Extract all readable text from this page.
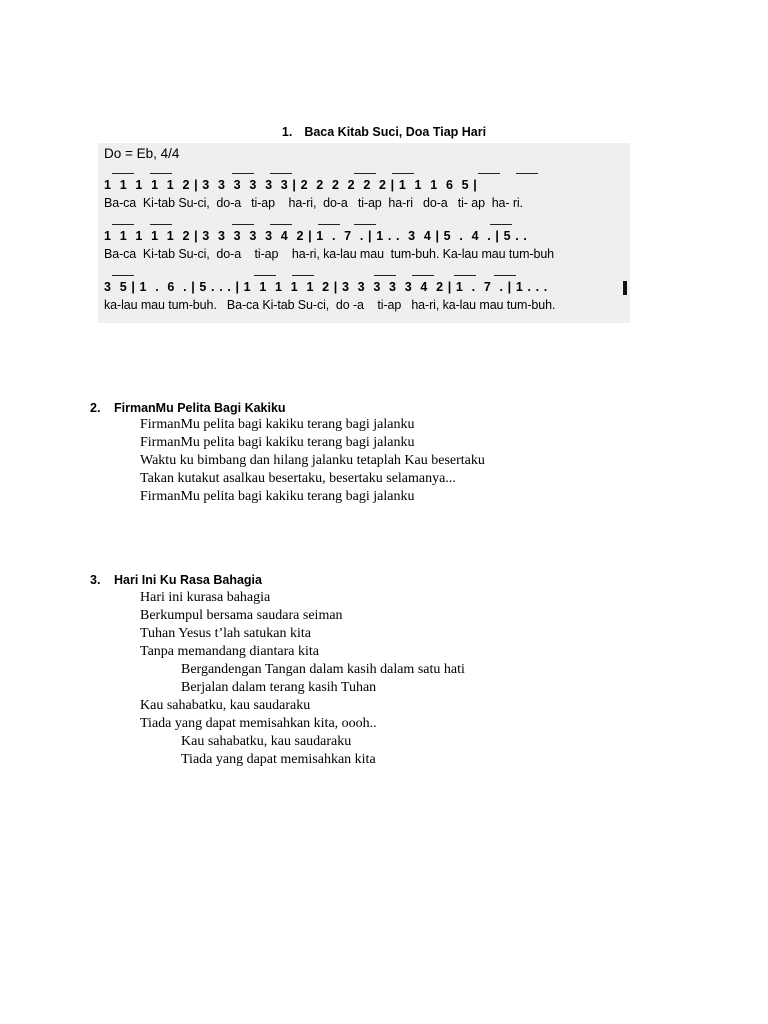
1. Baca Kitab Suci, Doa Tiap Hari
Do = Eb, 4/4
1  1  1  1  1  2 | 3  3  3  3  3  3 | 2  2  2  2  2  2 | 1  1  1  6  5 |
Ba-ca  Ki-tab Su-ci,  do-a   ti-ap    ha-ri,  do-a   ti-ap  ha-ri   do-a   ti- ap  ha- ri.
1  1  1  1  1  2 | 3  3  3  3  3  4  2 | 1  .  7  . | 1 . .  3  4 | 5  .  4  . | 5 . .
Ba-ca  Ki-tab Su-ci,  do-a    ti-ap    ha-ri, ka-lau mau  tum-buh. Ka-lau mau tum-buh
3  5 | 1  .  6  . | 5 . . . | 1  1  1  1  1  2 | 3  3  3  3  3  4  2 | 1  .  7  . | 1 . . .
ka-lau mau tum-buh.   Ba-ca Ki-tab Su-ci,  do -a    ti-ap   ha-ri, ka-lau mau tum-buh.
2. FirmanMu Pelita Bagi Kakiku
FirmanMu pelita bagi kakiku terang bagi jalanku
FirmanMu pelita bagi kakiku terang bagi jalanku
Waktu ku bimbang dan hilang jalanku tetaplah Kau besertaku
Takan kutakut asalkau besertaku, besertaku selamanya...
FirmanMu pelita bagi kakiku terang bagi jalanku
3. Hari Ini Ku Rasa Bahagia
Hari ini kurasa bahagia
Berkumpul bersama saudara seiman
Tuhan Yesus t’lah satukan kita
Tanpa memandang diantara kita
Bergandengan Tangan dalam kasih dalam satu hati
Berjalan dalam terang kasih Tuhan
Kau sahabatku, kau saudaraku
Tiada yang dapat memisahkan kita, oooh..
Kau sahabatku, kau saudaraku
Tiada yang dapat memisahkan kita
